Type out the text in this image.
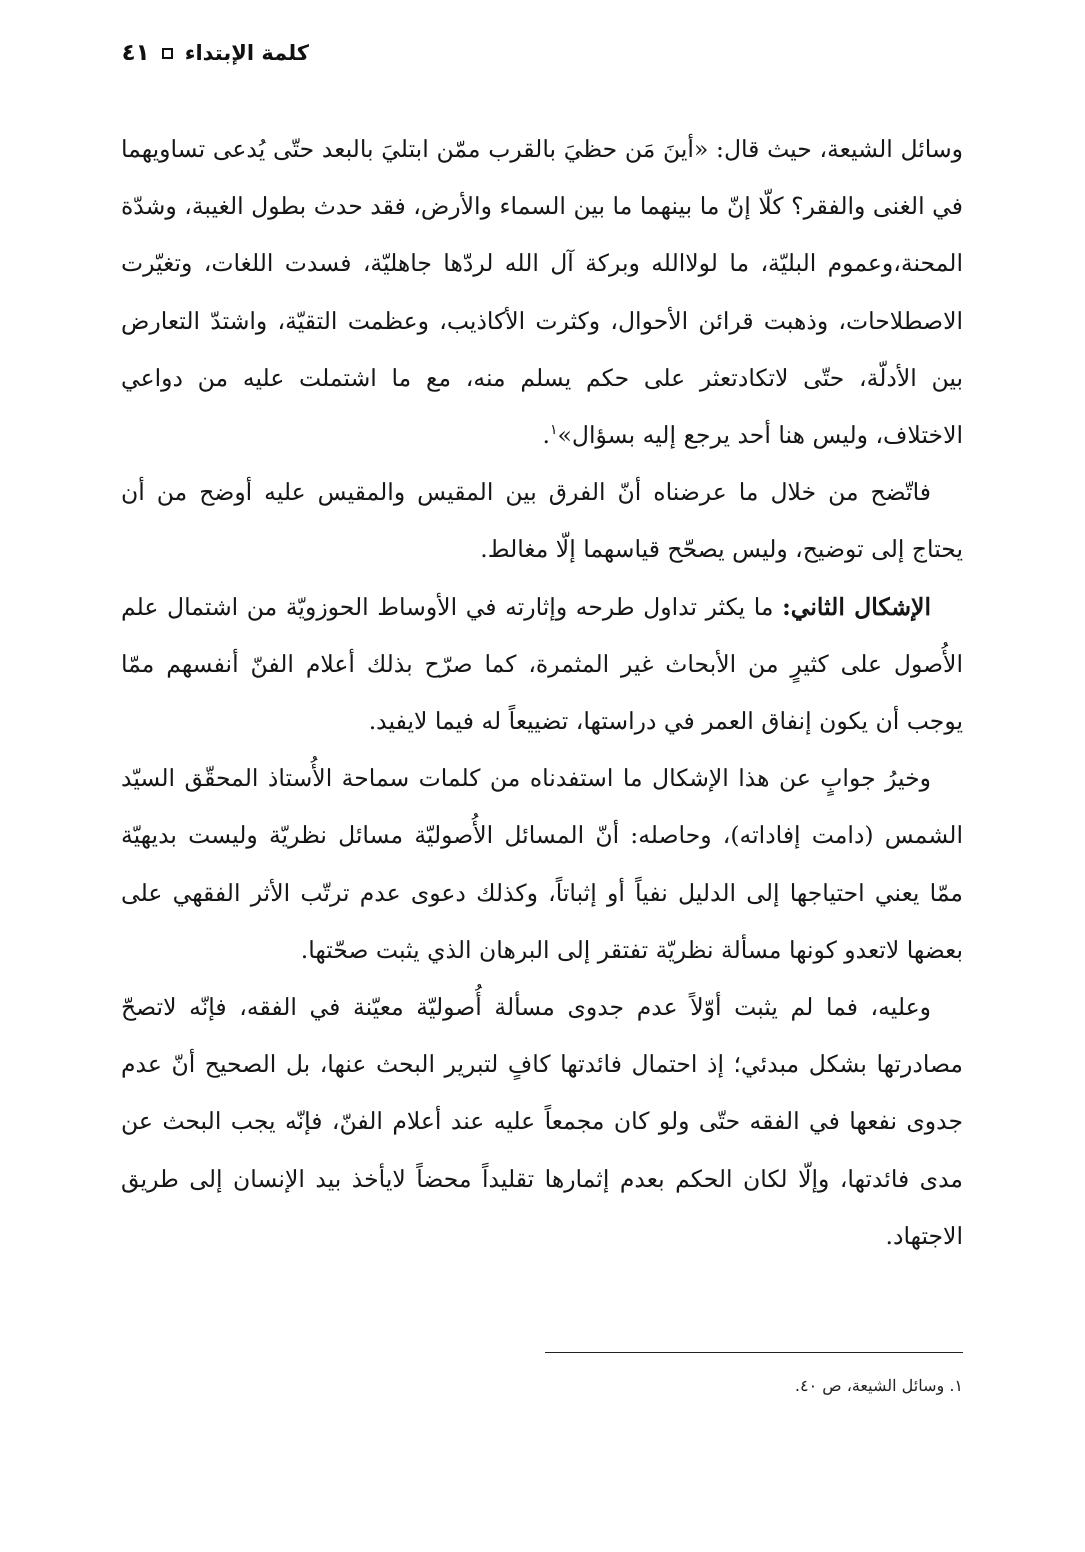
كلمة الإبتداء
٤١

وسائل الشيعة، حيث قال: «أينَ مَن حظيَ بالقرب ممّن ابتليَ بالبعد حتّى يُدعى تساويهما في الغنى والفقر؟ كلّا إنّ ما بينهما ما بين السماء والأرض، فقد حدث بطول الغيبة، وشدّة المحنة،وعموم البليّة، ما لولاالله وبركة آل الله لردّها جاهليّة، فسدت اللغات، وتغيّرت الاصطلاحات، وذهبت قرائن الأحوال، وكثرت الأكاذيب، وعظمت التقيّة، واشتدّ التعارض بين الأدلّة، حتّى لاتكادتعثر على حكم يسلم منه، مع ما اشتملت عليه من دواعي الاختلاف، وليس هنا أحد يرجع إليه بسؤال»$^١$.

فاتّضح من خلال ما عرضناه أنّ الفرق بين المقيس والمقيس عليه أوضح من أن يحتاج إلى توضيح، وليس يصحّح قياسهما إلّا مغالط.

الإشكال الثاني: ما يكثر تداول طرحه وإثارته في الأوساط الحوزويّة من اشتمال علم الأُصول على كثيرٍ من الأبحاث غير المثمرة، كما صرّح بذلك أعلام الفنّ أنفسهم ممّا يوجب أن يكون إنفاق العمر في دراستها، تضييعاً له فيما لايفيد.

وخيرُ جوابٍ عن هذا الإشكال ما استفدناه من كلمات سماحة الأُستاذ المحقّق السيّد الشمس (دامت إفاداته)، وحاصله: أنّ المسائل الأُصوليّة مسائل نظريّة وليست بديهيّة ممّا يعني احتياجها إلى الدليل نفياً أو إثباتاً، وكذلك دعوى عدم ترتّب الأثر الفقهي على بعضها لاتعدو كونها مسألة نظريّة تفتقر إلى البرهان الذي يثبت صحّتها.

وعليه، فما لم يثبت أوّلاً عدم جدوى مسألة أُصوليّة معيّنة في الفقه، فإنّه لاتصحّ مصادرتها بشكل مبدئي؛ إذ احتمال فائدتها كافٍ لتبرير البحث عنها، بل الصحيح أنّ عدم جدوى نفعها في الفقه حتّى ولو كان مجمعاً عليه عند أعلام الفنّ، فإنّه يجب البحث عن مدى فائدتها، وإلّا لكان الحكم بعدم إثمارها تقليداً محضاً لايأخذ بيد الإنسان إلى طريق الاجتهاد.

١. وسائل الشيعة، ص ٤٠.
